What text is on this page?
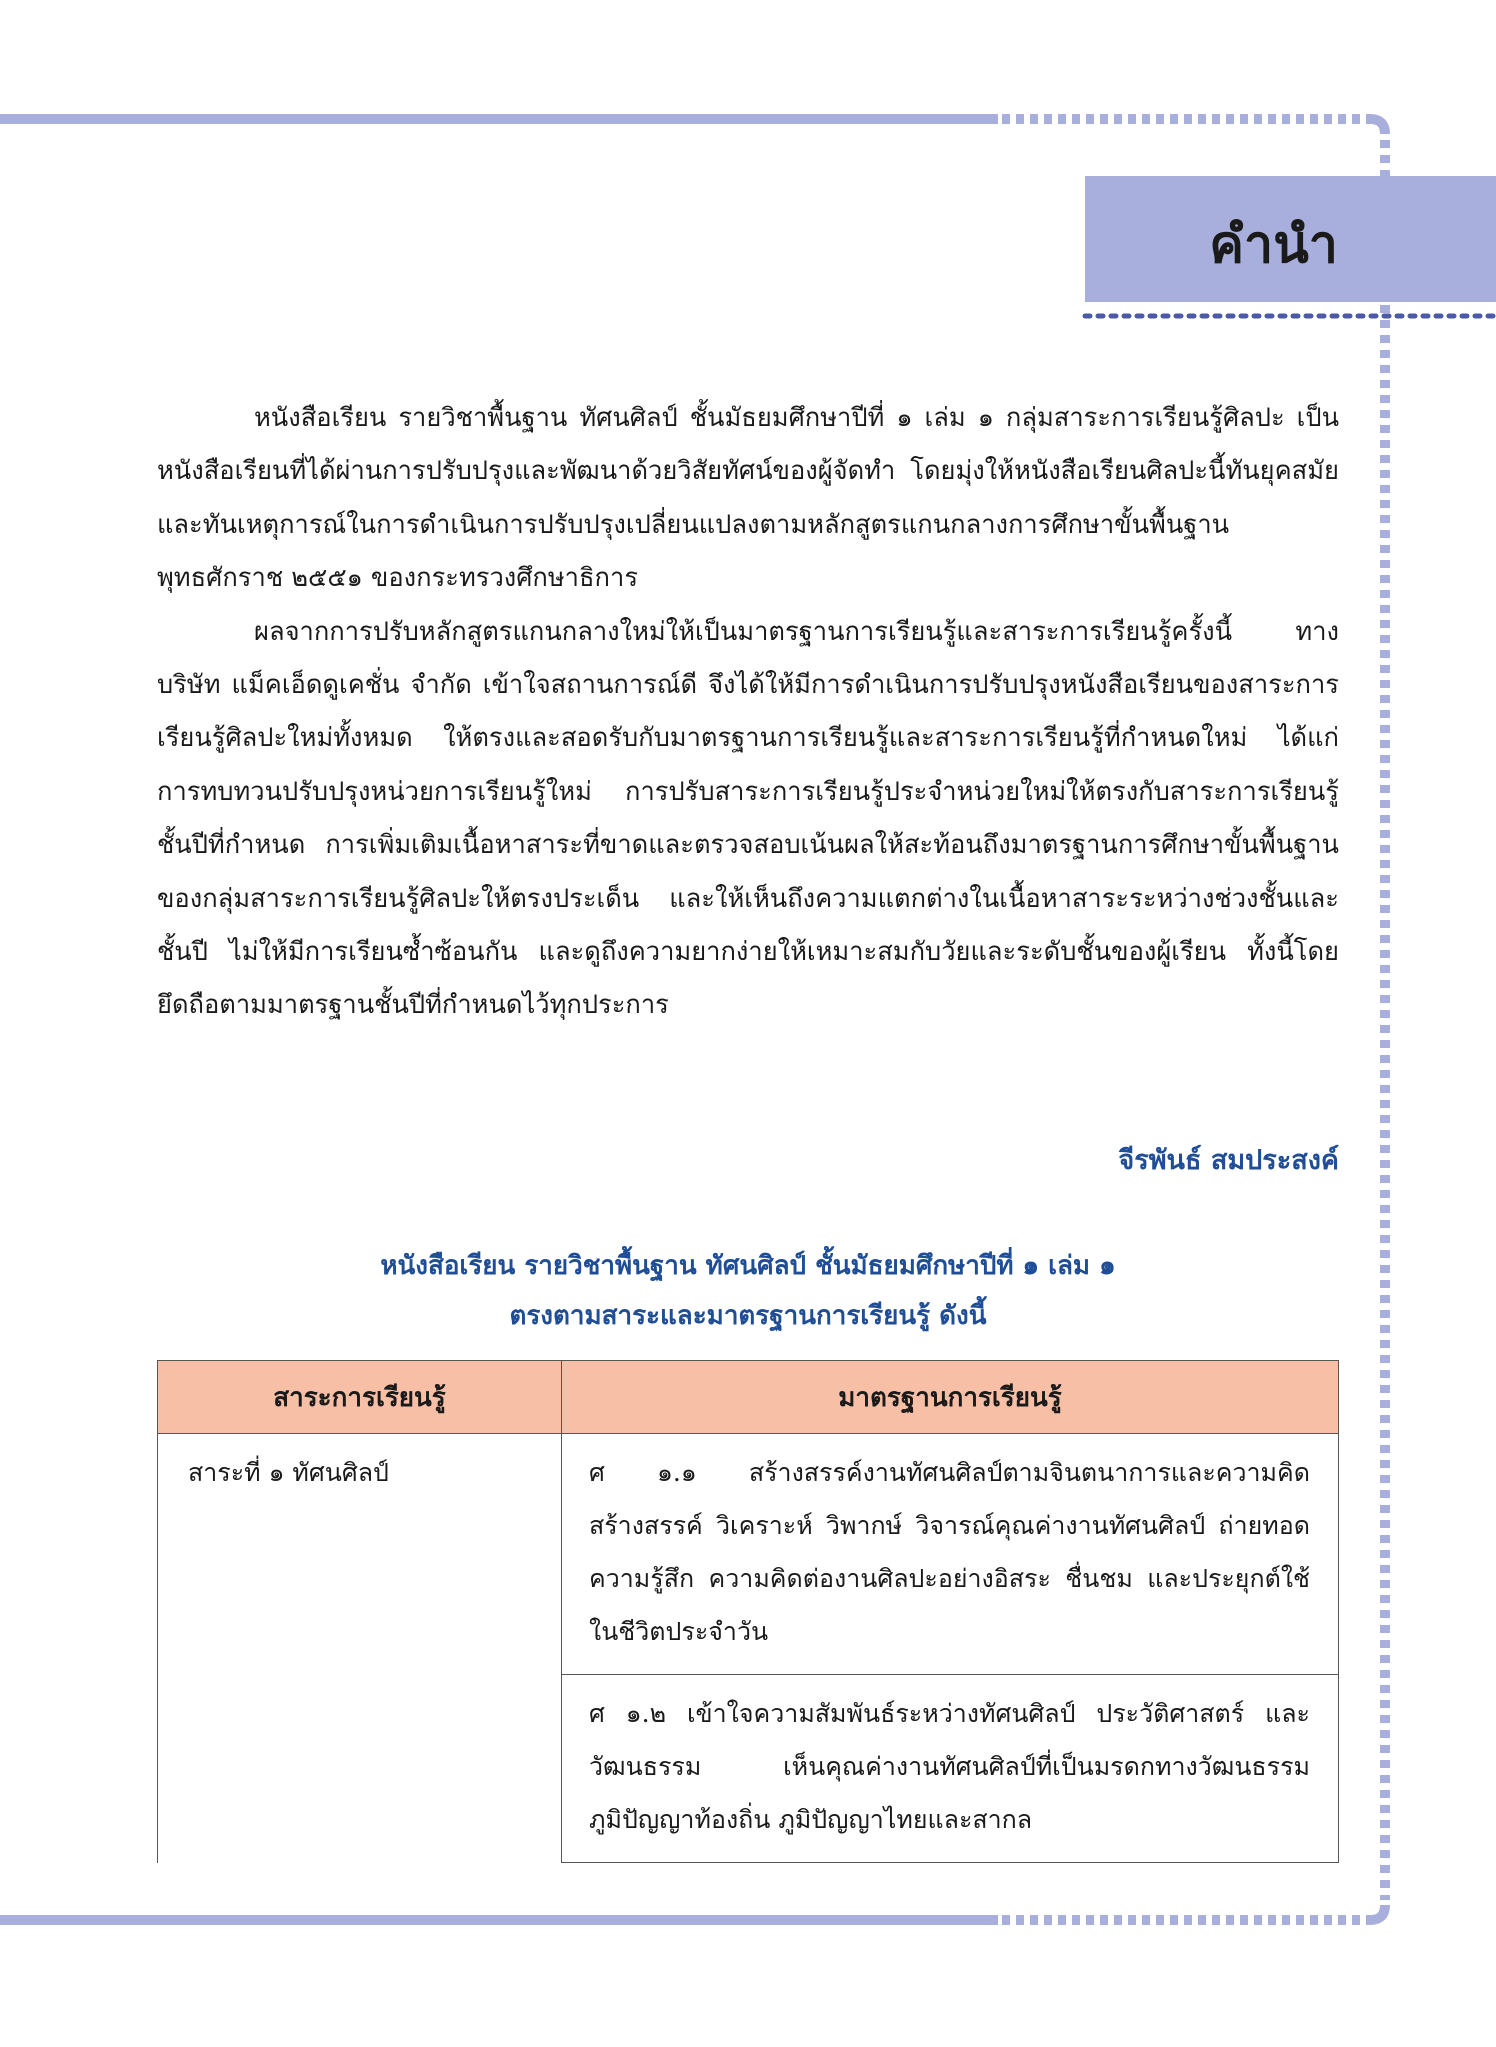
คำนำ

หนังสือเรียน รายวิชาพื้นฐาน ทัศนศิลป์ ชั้นมัธยมศึกษาปีที่ ๑ เล่ม ๑ กลุ่มสาระการเรียนรู้ศิลปะ เป็นหนังสือเรียนที่ได้ผ่านการปรับปรุงและพัฒนาด้วยวิสัยทัศน์ของผู้จัดทำ โดยมุ่งให้หนังสือเรียนศิลปะนี้ทันยุคสมัยและทันเหตุการณ์ในการดำเนินการปรับปรุงเปลี่ยนแปลงตามหลักสูตรแกนกลางการศึกษาขั้นพื้นฐาน พุทธศักราช ๒๕๕๑ ของกระทรวงศึกษาธิการ

ผลจากการปรับหลักสูตรแกนกลางใหม่ให้เป็นมาตรฐานการเรียนรู้และสาระการเรียนรู้ครั้งนี้ ทางบริษัท แม็คเอ็ดดูเคชั่น จำกัด เข้าใจสถานการณ์ดี จึงได้ให้มีการดำเนินการปรับปรุงหนังสือเรียนของสาระการเรียนรู้ศิลปะใหม่ทั้งหมด ให้ตรงและสอดรับกับมาตรฐานการเรียนรู้และสาระการเรียนรู้ที่กำหนดใหม่ ได้แก่ การทบทวนปรับปรุงหน่วยการเรียนรู้ใหม่ การปรับสาระการเรียนรู้ประจำหน่วยใหม่ให้ตรงกับสาระการเรียนรู้ชั้นปีที่กำหนด การเพิ่มเติมเนื้อหาสาระที่ขาดและตรวจสอบเน้นผลให้สะท้อนถึงมาตรฐานการศึกษาขั้นพื้นฐานของกลุ่มสาระการเรียนรู้ศิลปะให้ตรงประเด็น และให้เห็นถึงความแตกต่างในเนื้อหาสาระระหว่างช่วงชั้นและชั้นปี ไม่ให้มีการเรียนซ้ำซ้อนกัน และดูถึงความยากง่ายให้เหมาะสมกับวัยและระดับชั้นของผู้เรียน ทั้งนี้โดยยึดถือตามมาตรฐานชั้นปีที่กำหนดไว้ทุกประการ

จีรพันธ์ สมประสงค์
หนังสือเรียน รายวิชาพื้นฐาน ทัศนศิลป์ ชั้นมัธยมศึกษาปีที่ ๑ เล่ม ๑
ตรงตามสาระและมาตรฐานการเรียนรู้ ดังนี้
สาระการเรียนรู้	มาตรฐานการเรียนรู้
สาระที่ ๑ ทัศนศิลป์	ศ ๑.๑ สร้างสรรค์งานทัศนศิลป์ตามจินตนาการและความคิดสร้างสรรค์ วิเคราะห์ วิพากษ์ วิจารณ์คุณค่างานทัศนศิลป์ ถ่ายทอดความรู้สึก ความคิดต่องานศิลปะอย่างอิสระ ชื่นชม และประยุกต์ใช้ในชีวิตประจำวัน
	ศ ๑.๒ เข้าใจความสัมพันธ์ระหว่างทัศนศิลป์ ประวัติศาสตร์ และวัฒนธรรม เห็นคุณค่างานทัศนศิลป์ที่เป็นมรดกทางวัฒนธรรม ภูมิปัญญาท้องถิ่น ภูมิปัญญาไทยและสากล
